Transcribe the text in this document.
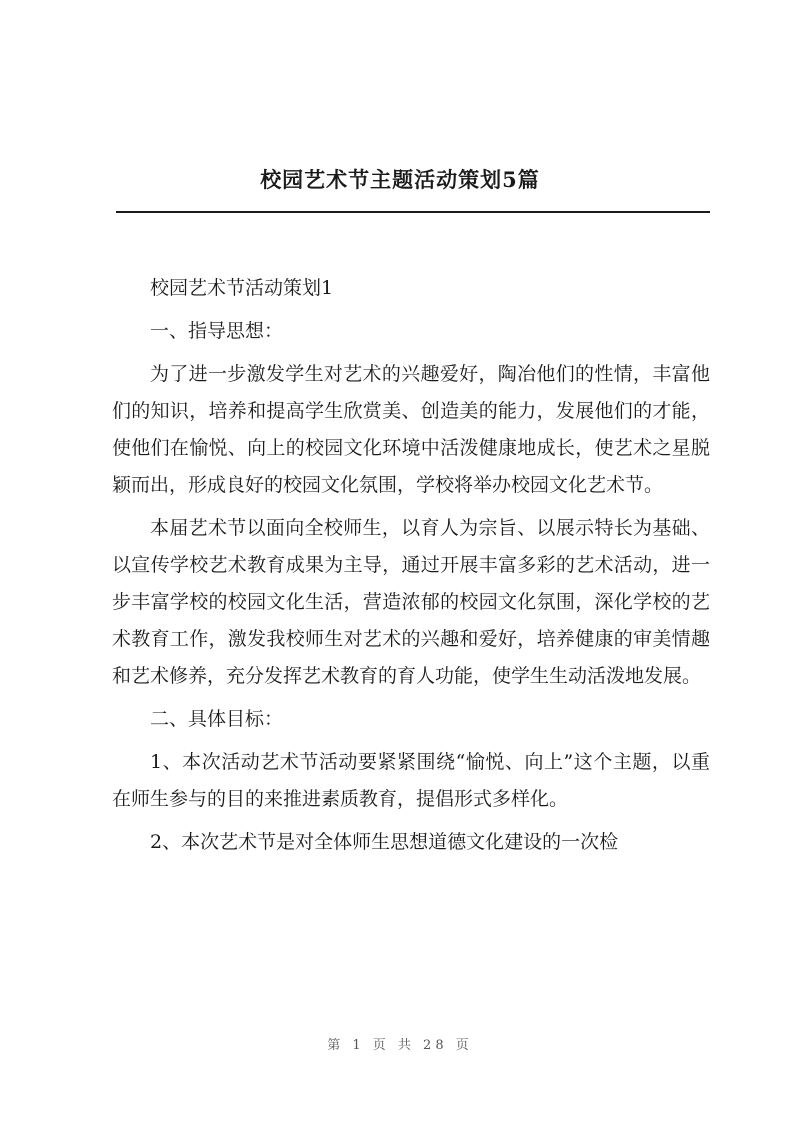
校园艺术节主题活动策划5篇

校园艺术节活动策划1

一、指导思想：

为了进一步激发学生对艺术的兴趣爱好，陶冶他们的性情，丰富他们的知识，培养和提高学生欣赏美、创造美的能力，发展他们的才能，使他们在愉悦、向上的校园文化环境中活泼健康地成长，使艺术之星脱颖而出，形成良好的校园文化氛围，学校将举办校园文化艺术节。

本届艺术节以面向全校师生，以育人为宗旨、以展示特长为基础、以宣传学校艺术教育成果为主导，通过开展丰富多彩的艺术活动，进一步丰富学校的校园文化生活，营造浓郁的校园文化氛围，深化学校的艺术教育工作，激发我校师生对艺术的兴趣和爱好，培养健康的审美情趣和艺术修养，充分发挥艺术教育的育人功能，使学生生动活泼地发展。

二、具体目标：

1、本次活动艺术节活动要紧紧围绕“愉悦、向上”这个主题，以重在师生参与的目的来推进素质教育，提倡形式多样化。

2、本次艺术节是对全体师生思想道德文化建设的一次检

第 1 页 共 28 页
